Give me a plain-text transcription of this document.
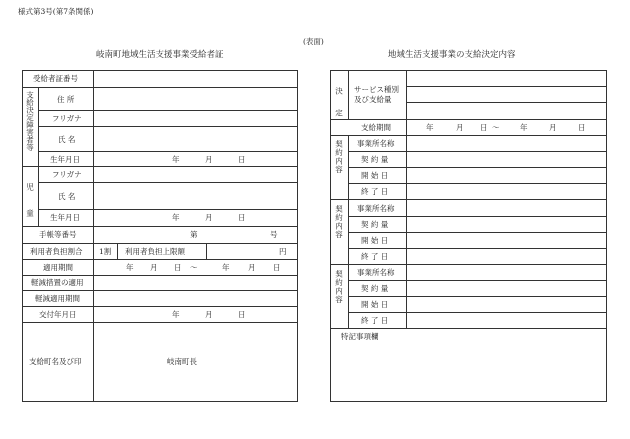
様式第3号(第7条関係)
(表面)
岐南町地域生活支援事業受給者証	地域生活支援事業の支給決定内容
受給者証番号
支給決定障害者等	住 所
フリガナ
氏 名
生年月日	年	月	日
児 童
フリガナ
氏 名
生年月日	年	月	日
手帳等番号	第	号
利用者負担割合 1割 利用者負担上限額	円
適用期間	年 月 日 ～	年 月 日
軽減措置の適用
軽減適用期間
交付年月日	年	月	日
支給町名及び印	岐南町長
決 定 サービス種別
及び支給量
支給期間	年	月 日 ～	年	月	日
契約内容 事業所名称
契 約 量
開 始 日
終 了 日
契約内容 事業所名称
契 約 量
開 始 日
終 了 日
契約内容 事業所名称
契 約 量
開 始 日
終 了 日
特記事項欄
